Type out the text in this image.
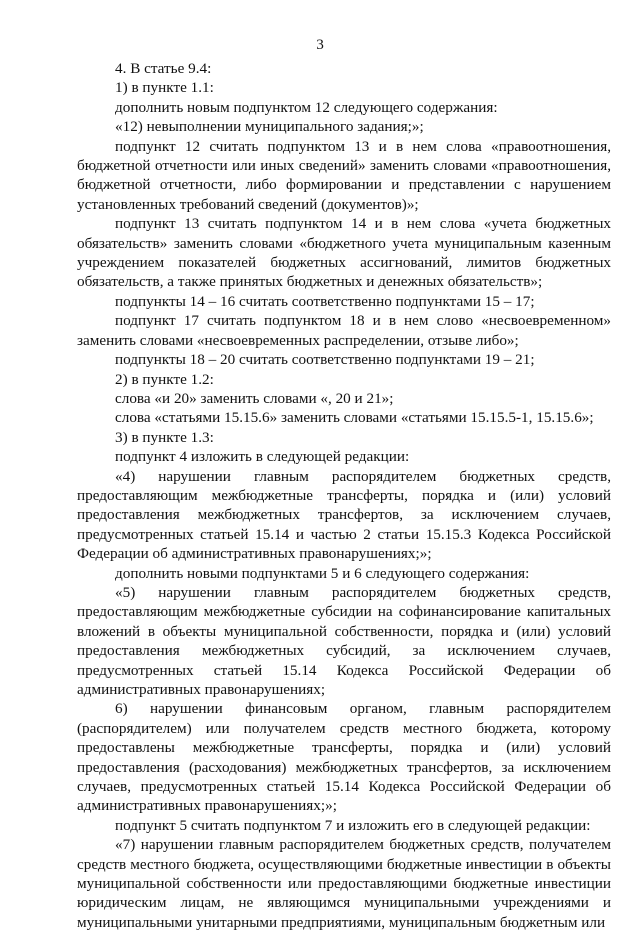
3

4. В статье 9.4:

1) в пункте 1.1:

дополнить новым подпунктом 12 следующего содержания:

«12) невыполнении муниципального задания;»;

подпункт 12 считать подпунктом 13 и в нем слова «правоотношения, бюджетной отчетности или иных сведений» заменить словами «правоотношения, бюджетной отчетности, либо формировании и представлении с нарушением установленных требований сведений (документов)»;

подпункт 13 считать подпунктом 14 и в нем слова «учета бюджетных обязательств» заменить словами «бюджетного учета муниципальным казенным учреждением показателей бюджетных ассигнований, лимитов бюджетных обязательств, а также принятых бюджетных и денежных обязательств»;

подпункты 14 – 16 считать соответственно подпунктами 15 – 17;

подпункт 17 считать подпунктом 18 и в нем слово «несвоевременном» заменить словами «несвоевременных распределении, отзыве либо»;

подпункты 18 – 20 считать соответственно подпунктами 19 – 21;

2) в пункте 1.2:

слова «и 20» заменить словами «, 20 и 21»;

слова «статьями 15.15.6» заменить словами «статьями 15.15.5-1, 15.15.6»;

3) в пункте 1.3:

подпункт 4 изложить в следующей редакции:

«4) нарушении главным распорядителем бюджетных средств, предоставляющим межбюджетные трансферты, порядка и (или) условий предоставления межбюджетных трансфертов, за исключением случаев, предусмотренных статьей 15.14 и частью 2 статьи 15.15.3 Кодекса Российской Федерации об административных правонарушениях;»;

дополнить новыми подпунктами 5 и 6 следующего содержания:

«5) нарушении главным распорядителем бюджетных средств, предоставляющим межбюджетные субсидии на софинансирование капитальных вложений в объекты муниципальной собственности, порядка и (или) условий предоставления межбюджетных субсидий, за исключением случаев, предусмотренных статьей 15.14 Кодекса Российской Федерации об административных правонарушениях;

6) нарушении финансовым органом, главным распорядителем (распорядителем) или получателем средств местного бюджета, которому предоставлены межбюджетные трансферты, порядка и (или) условий предоставления (расходования) межбюджетных трансфертов, за исключением случаев, предусмотренных статьей 15.14 Кодекса Российской Федерации об административных правонарушениях;»;

подпункт 5 считать подпунктом 7 и изложить его в следующей редакции:

«7) нарушении главным распорядителем бюджетных средств, получателем средств местного бюджета, осуществляющими бюджетные инвестиции в объекты муниципальной собственности или предоставляющими бюджетные инвестиции юридическим лицам, не являющимся муниципальными учреждениями и муниципальными унитарными предприятиями, муниципальным бюджетным или
